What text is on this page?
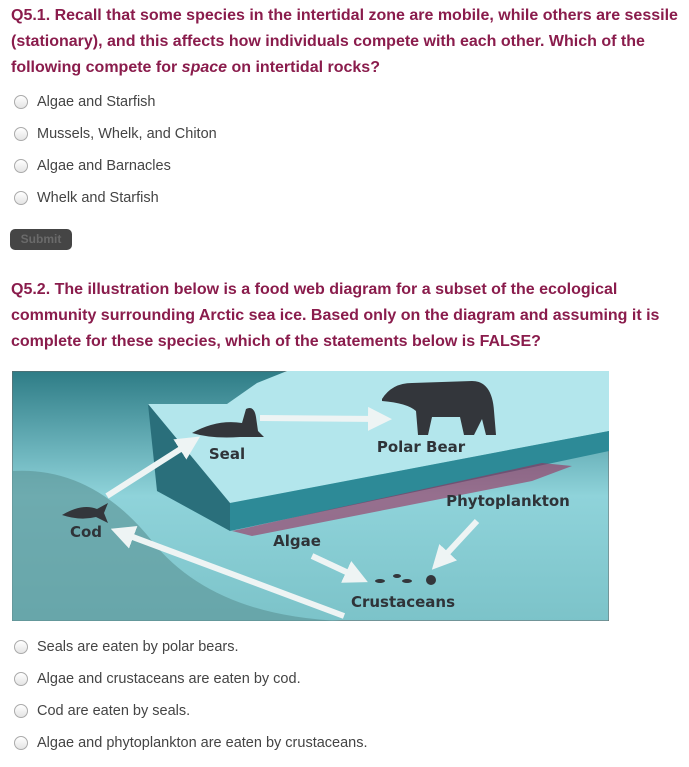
Q5.1. Recall that some species in the intertidal zone are mobile, while others are sessile (stationary), and this affects how individuals compete with each other. Which of the following compete for space on intertidal rocks?
Algae and Starfish
Mussels, Whelk, and Chiton
Algae and Barnacles
Whelk and Starfish
Submit
Q5.2. The illustration below is a food web diagram for a subset of the ecological community surrounding Arctic sea ice. Based only on the diagram and assuming it is complete for these species, which of the statements below is FALSE?
Seal	Polar Bear
Phytoplankton
Cod	Algae
Crustaceans
Seals are eaten by polar bears.
Algae and crustaceans are eaten by cod.
Cod are eaten by seals.
Algae and phytoplankton are eaten by crustaceans.
